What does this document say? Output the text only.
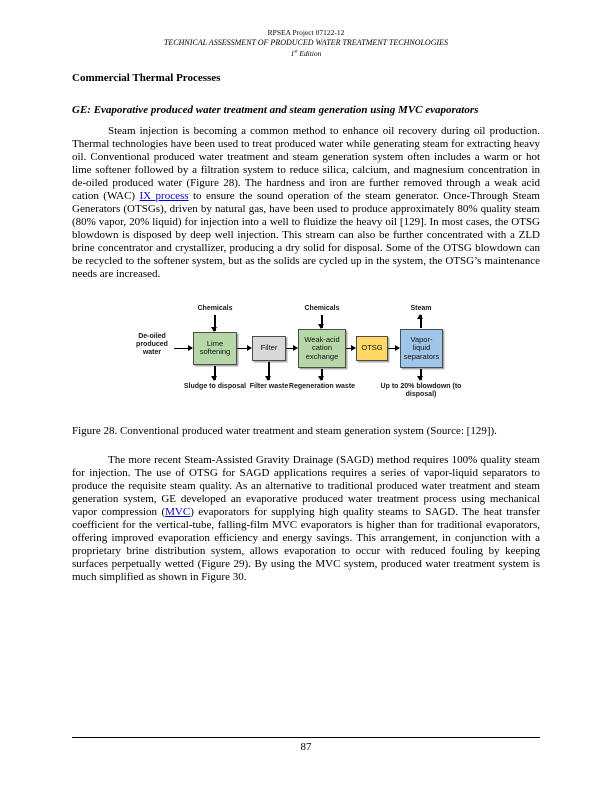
RPSEA Project 07122-12
TECHNICAL ASSESSMENT OF PRODUCED WATER TREATMENT TECHNOLOGIES
1st Edition
Commercial Thermal Processes
GE: Evaporative produced water treatment and steam generation using MVC evaporators

Steam injection is becoming a common method to enhance oil recovery during oil production. Thermal technologies have been used to treat produced water while generating steam for extracting heavy oil. Conventional produced water treatment and steam generation system often includes a warm or hot lime softener followed by a filtration system to reduce silica, calcium, and magnesium concentration in de-oiled produced water (Figure 28). The hardness and iron are further removed through a weak acid cation (WAC) IX process to ensure the sound operation of the steam generator. Once-Through Steam Generators (OTSGs), driven by natural gas, have been used to produce approximately 80% quality steam (80% vapor, 20% liquid) for injection into a well to fluidize the heavy oil [129]. In most cases, the OTSG blowdown is disposed by deep well injection. This stream can also be further concentrated with a ZLD brine concentrator and crystallizer, producing a dry solid for disposal. Some of the OTSG blowdown can be recycled to the softener system, but as the solids are cycled up in the system, the OTSG’s maintenance needs are increased.

Chemicals	Chemicals	Steam
De-oiled produced water
Lime softening	Filter
Weak-acid cation exchange
OTSG
Vapor-liquid separators
Sludge to disposal Filter waste Regeneration waste	Up to 20% blowdown (to disposal)

Figure 28. Conventional produced water treatment and steam generation system (Source: [129]).

The more recent Steam-Assisted Gravity Drainage (SAGD) method requires 100% quality steam for injection. The use of OTSG for SAGD applications requires a series of vapor-liquid separators to produce the requisite steam quality. As an alternative to traditional produced water treatment and steam generation system, GE developed an evaporative produced water treatment process using mechanical vapor compression (MVC) evaporators for supplying high quality steams to SAGD. The heat transfer coefficient for the vertical-tube, falling-film MVC evaporators is higher than for traditional evaporators, offering improved evaporation efficiency and energy savings. This arrangement, in conjunction with a proprietary brine distribution system, allows evaporation to occur with reduced fouling by keeping surfaces perpetually wetted (Figure 29). By using the MVC system, produced water treatment system is much simplified as shown in Figure 30.

87
